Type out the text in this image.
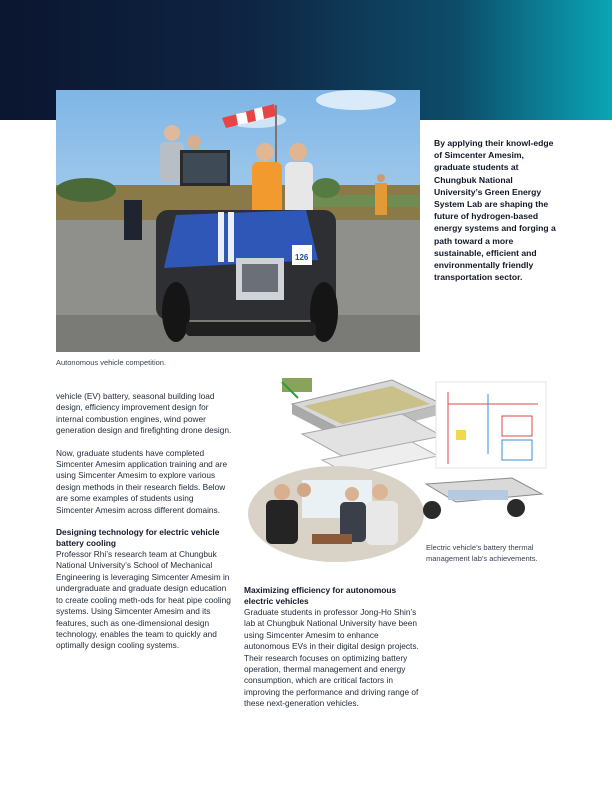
126
Autonomous vehicle competition.
By applying their knowl-edge of Simcenter Amesim, graduate students at Chungbuk National University’s Green Energy System Lab are shaping the future of hydrogen-based energy systems and forging a path toward a more sustainable, efficient and environmentally friendly transportation sector.

vehicle (EV) battery, seasonal building load design, efficiency improvement design for internal combustion engines, wind power generation design and firefighting drone design.

Now, graduate students have completed Simcenter Amesim application training and are using Simcenter Amesim to explore various design methods in their research fields. Below are some examples of students using Simcenter Amesim across different domains.

Designing technology for electric vehicle battery cooling

Professor Rhi’s research team at Chungbuk National University’s School of Mechanical Engineering is leveraging Simcenter Amesim in undergraduate and graduate design education to create cooling meth-ods for heat pipe cooling systems. Using Simcenter Amesim and its features, such as one-dimensional design technology, enables the team to quickly and optimally design cooling systems.

Electric vehicle’s battery thermal management lab’s achievements.
Maximizing efficiency for autonomous electric vehicles

Graduate students in professor Jong-Ho Shin’s lab at Chungbuk National University have been using Simcenter Amesim to enhance autonomous EVs in their digital design projects. Their research focuses on optimizing battery operation, thermal management and energy consumption, which are critical factors in improving the performance and driving range of these next-generation vehicles.
